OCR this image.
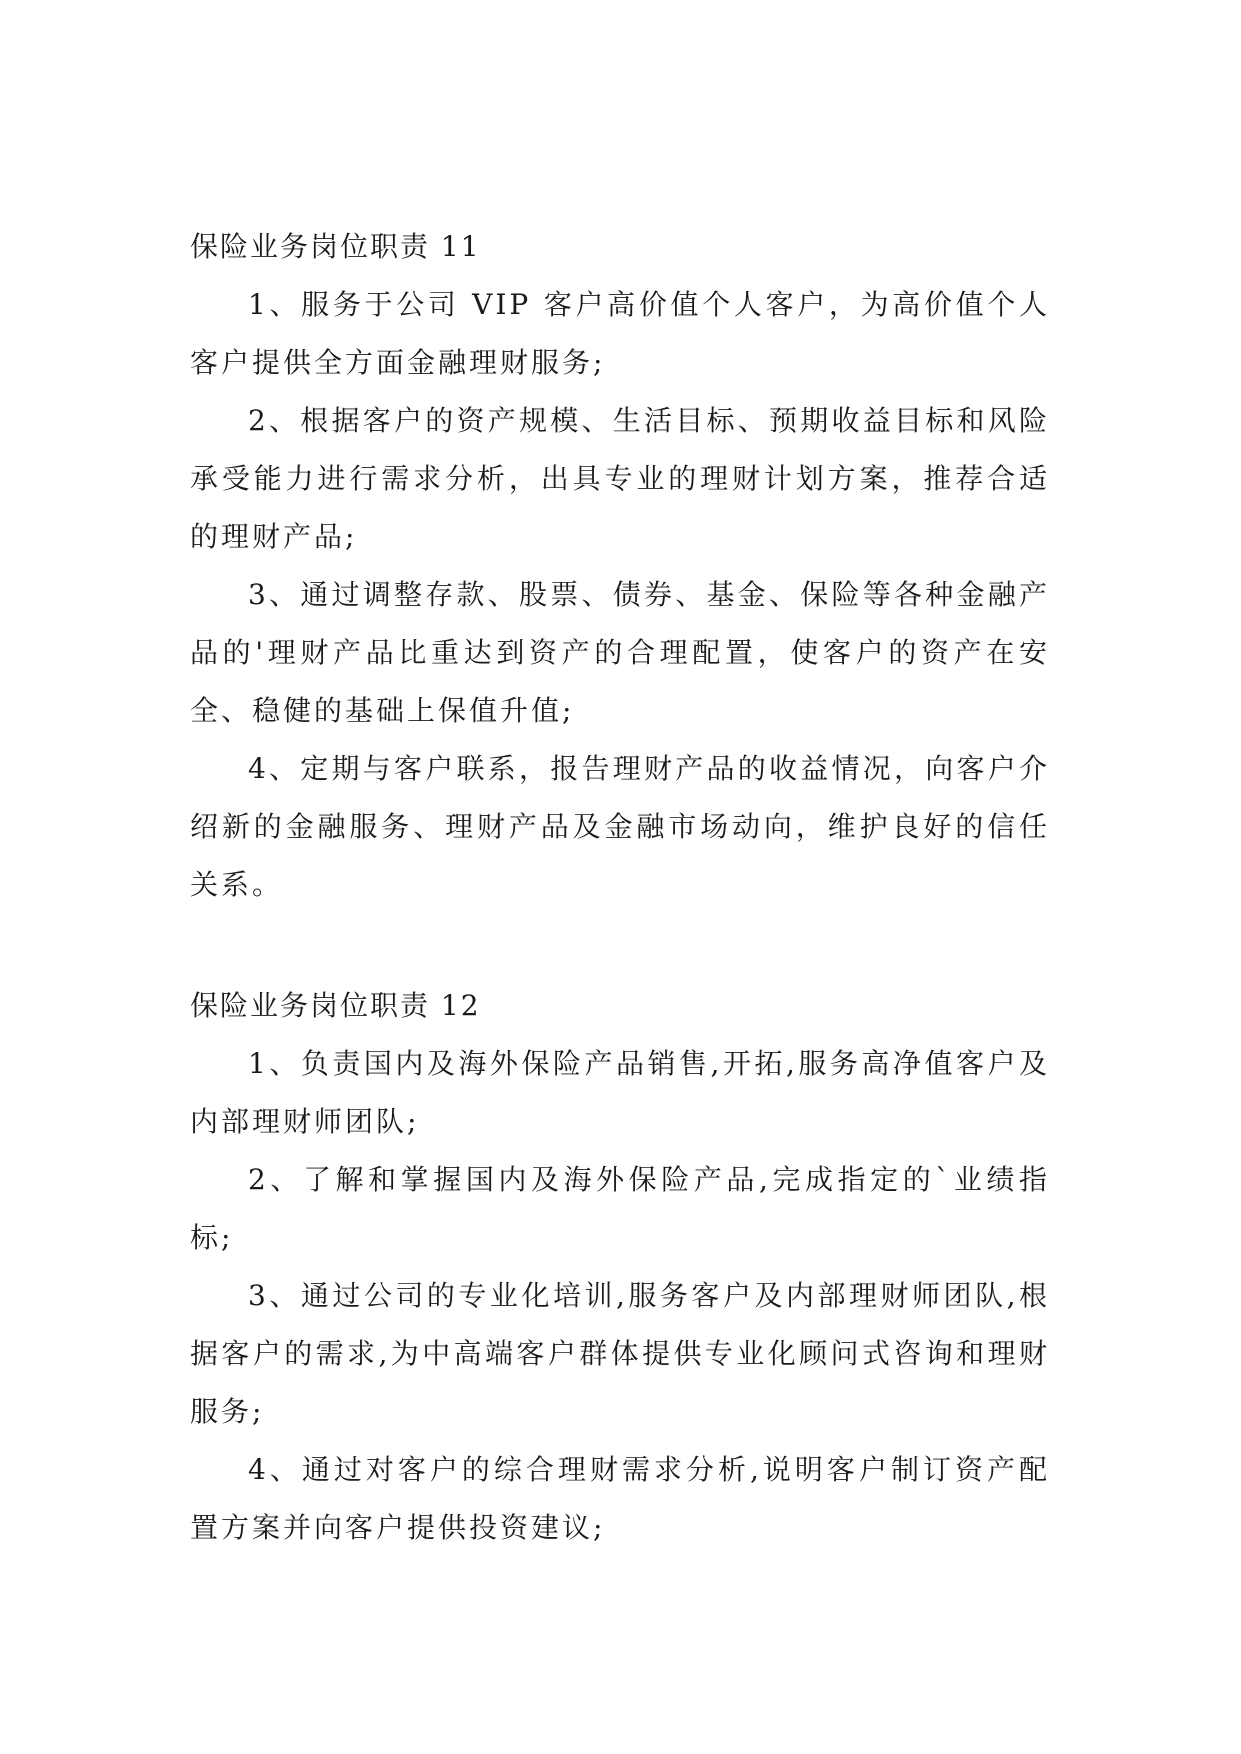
保险业务岗位职责 11

1、服务于公司 VIP 客户高价值个人客户，为高价值个人客户提供全方面金融理财服务;

2、根据客户的资产规模、生活目标、预期收益目标和风险承受能力进行需求分析，出具专业的理财计划方案，推荐合适的理财产品;

3、通过调整存款、股票、债券、基金、保险等各种金融产品的'理财产品比重达到资产的合理配置，使客户的资产在安全、稳健的基础上保值升值;

4、定期与客户联系，报告理财产品的收益情况，向客户介绍新的金融服务、理财产品及金融市场动向，维护良好的信任关系。

保险业务岗位职责 12

1、负责国内及海外保险产品销售,开拓,服务高净值客户及内部理财师团队;

2、了解和掌握国内及海外保险产品,完成指定的`业绩指标;

3、通过公司的专业化培训,服务客户及内部理财师团队,根据客户的需求,为中高端客户群体提供专业化顾问式咨询和理财服务;

4、通过对客户的综合理财需求分析,说明客户制订资产配置方案并向客户提供投资建议;
